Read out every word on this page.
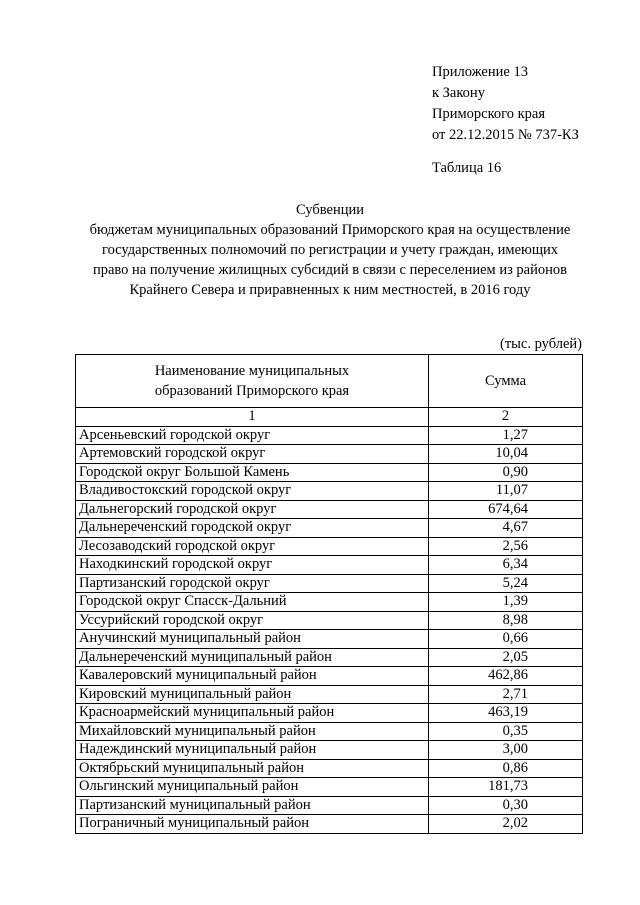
Приложение 13
к Закону
Приморского края
от 22.12.2015 № 737-КЗ
Таблица 16
Субвенции
бюджетам муниципальных образований Приморского края на осуществление
государственных полномочий по регистрации и учету граждан, имеющих
право на получение жилищных субсидий в связи с переселением из районов
Крайнего Севера и приравненных к ним местностей, в 2016 году
(тыс. рублей)
Наименование муниципальных
образований Приморского края	Сумма
1	2
Арсеньевский городской округ	1,27
Артемовский городской округ	10,04
Городской округ Большой Камень	0,90
Владивостокский городской округ	11,07
Дальнегорский городской округ	674,64
Дальнереченский городской округ	4,67
Лесозаводский городской округ	2,56
Находкинский городской округ	6,34
Партизанский городской округ	5,24
Городской округ Спасск-Дальний	1,39
Уссурийский городской округ	8,98
Анучинский муниципальный район	0,66
Дальнереченский муниципальный район	2,05
Кавалеровский муниципальный район	462,86
Кировский муниципальный район	2,71
Красноармейский муниципальный район	463,19
Михайловский муниципальный район	0,35
Надеждинский муниципальный район	3,00
Октябрьский муниципальный район	0,86
Ольгинский муниципальный район	181,73
Партизанский муниципальный район	0,30
Пограничный муниципальный район	2,02
